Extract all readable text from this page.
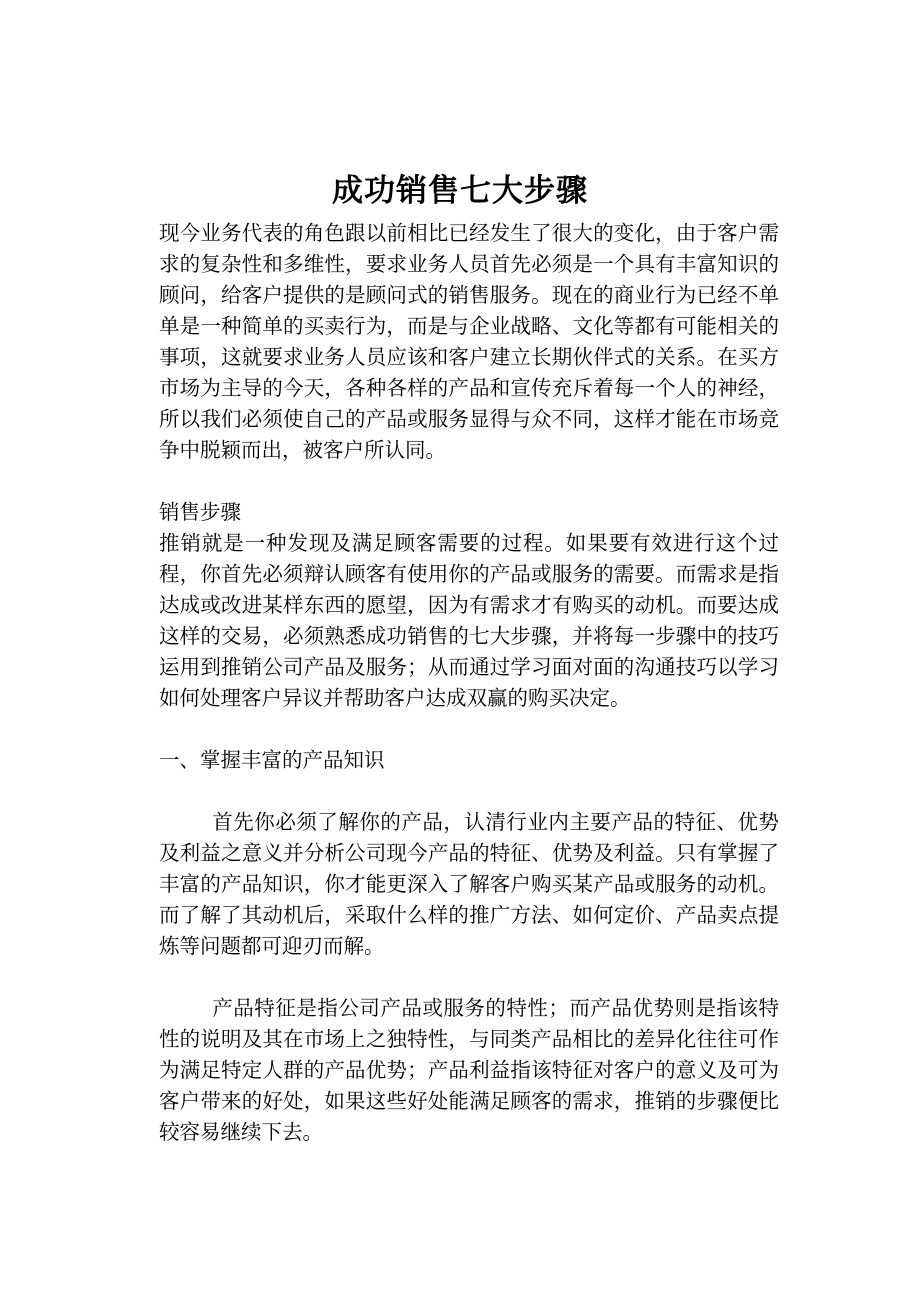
成功销售七大步骤

现今业务代表的角色跟以前相比已经发生了很大的变化，由于客户需求的复杂性和多维性，要求业务人员首先必须是一个具有丰富知识的顾问，给客户提供的是顾问式的销售服务。现在的商业行为已经不单单是一种简单的买卖行为，而是与企业战略、文化等都有可能相关的事项，这就要求业务人员应该和客户建立长期伙伴式的关系。在买方市场为主导的今天，各种各样的产品和宣传充斥着每一个人的神经，所以我们必须使自己的产品或服务显得与众不同，这样才能在市场竞争中脱颖而出，被客户所认同。

销售步骤

推销就是一种发现及满足顾客需要的过程。如果要有效进行这个过程，你首先必须辩认顾客有使用你的产品或服务的需要。而需求是指达成或改进某样东西的愿望，因为有需求才有购买的动机。而要达成这样的交易，必须熟悉成功销售的七大步骤，并将每一步骤中的技巧运用到推销公司产品及服务；从而通过学习面对面的沟通技巧以学习如何处理客户异议并帮助客户达成双赢的购买决定。

一、掌握丰富的产品知识

首先你必须了解你的产品，认清行业内主要产品的特征、优势及利益之意义并分析公司现今产品的特征、优势及利益。只有掌握了丰富的产品知识，你才能更深入了解客户购买某产品或服务的动机。而了解了其动机后，采取什么样的推广方法、如何定价、产品卖点提炼等问题都可迎刃而解。

产品特征是指公司产品或服务的特性；而产品优势则是指该特性的说明及其在市场上之独特性，与同类产品相比的差异化往往可作为满足特定人群的产品优势；产品利益指该特征对客户的意义及可为客户带来的好处，如果这些好处能满足顾客的需求，推销的步骤便比较容易继续下去。
